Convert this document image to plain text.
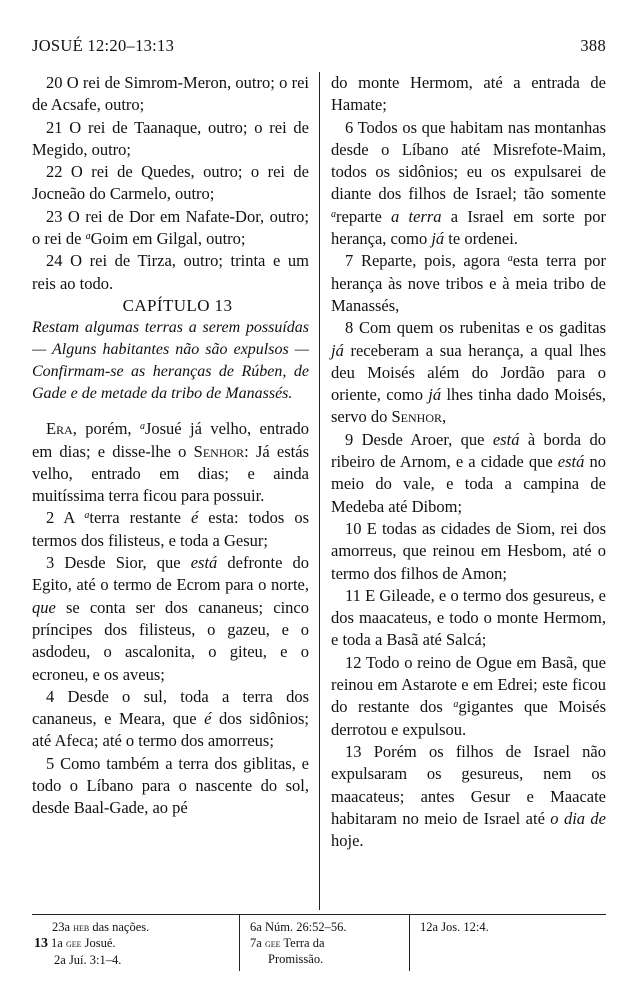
JOSUÉ 12:20–13:13	388

20 O rei de Simrom-Meron, outro; o rei de Acsafe, outro;

21 O rei de Taanaque, outro; o rei de Megido, outro;

22 O rei de Quedes, outro; o rei de Jocneão do Carmelo, outro;

23 O rei de Dor em Nafate-Dor, outro; o rei de $^a$Goim em Gilgal, outro;

24 O rei de Tirza, outro; trinta e um reis ao todo.

CAPÍTULO 13

Restam algumas terras a serem possuídas — Alguns habitantes não são expulsos — Confirmam-se as heranças de Rúben, de Gade e de metade da tribo de Manassés.

Era, porém, $^a$Josué já velho, entrado em dias; e disse-lhe o Senhor: Já estás velho, entrado em dias; e ainda muitíssima terra ficou para possuir.

2 A $^a$terra restante é esta: todos os termos dos filisteus, e toda a Gesur;

3 Desde Sior, que está defronte do Egito, até o termo de Ecrom para o norte, que se conta ser dos cananeus; cinco príncipes dos filisteus, o gazeu, e o asdodeu, o ascalonita, o giteu, e o ecroneu, e os aveus;

4 Desde o sul, toda a terra dos cananeus, e Meara, que é dos sidônios; até Afeca; até o termo dos amorreus;

5 Como também a terra dos giblitas, e todo o Líbano para o nascente do sol, desde Baal-Gade, ao pé

do monte Hermom, até a entrada de Hamate;

6 Todos os que habitam nas montanhas desde o Líbano até Misrefote-Maim, todos os sidônios; eu os expulsarei de diante dos filhos de Israel; tão somente $^a$reparte a terra a Israel em sorte por herança, como já te ordenei.

7 Reparte, pois, agora $^a$esta terra por herança às nove tribos e à meia tribo de Manassés,

8 Com quem os rubenitas e os gaditas já receberam a sua herança, a qual lhes deu Moisés além do Jordão para o oriente, como já lhes tinha dado Moisés, servo do Senhor,

9 Desde Aroer, que está à borda do ribeiro de Arnom, e a cidade que está no meio do vale, e toda a campina de Medeba até Dibom;

10 E todas as cidades de Siom, rei dos amorreus, que reinou em Hesbom, até o termo dos filhos de Amon;

11 E Gileade, e o termo dos gesureus, e dos maacateus, e todo o monte Hermom, e toda a Basã até Salcá;

12 Todo o reino de Ogue em Basã, que reinou em Astarote e em Edrei; este ficou do restante dos $^a$gigantes que Moisés derrotou e expulsou.

13 Porém os filhos de Israel não expulsaram os gesureus, nem os maacateus; antes Gesur e Maacate habitaram no meio de Israel até o dia de hoje.

23a heb das nações.
13 1a gee Josué.
2a Juí. 3:1–4.
6a Núm. 26:52–56.
7a gee Terra da
Promissão.
12a Jos. 12:4.
